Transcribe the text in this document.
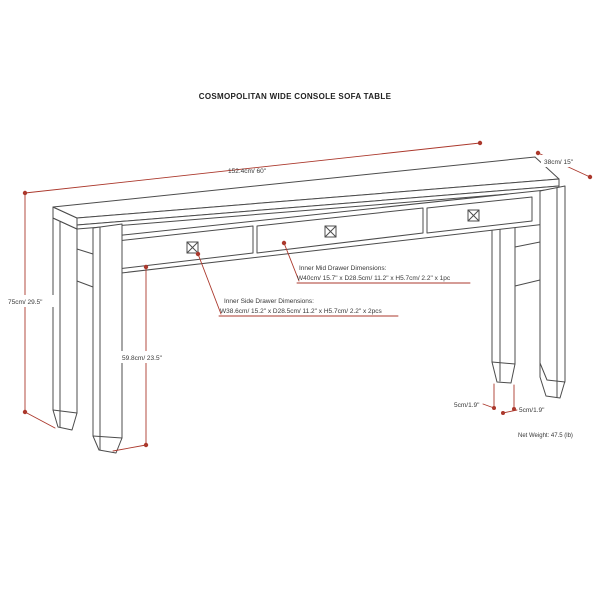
152.4cm/ 60"
38cm/ 15"
75cm/ 29.5"
59.8cm/ 23.5"
Inner Mid Drawer Dimensions:
W40cm/ 15.7" x D28.5cm/ 11.2" x H5.7cm/ 2.2" x 1pc
Inner Side Drawer Dimensions:
W38.6cm/ 15.2" x D28.5cm/ 11.2" x H5.7cm/ 2.2" x 2pcs
5cm/1.9"
5cm/1.9"
Net Weight: 47.5 (lb)
COSMOPOLITAN WIDE CONSOLE SOFA TABLE
